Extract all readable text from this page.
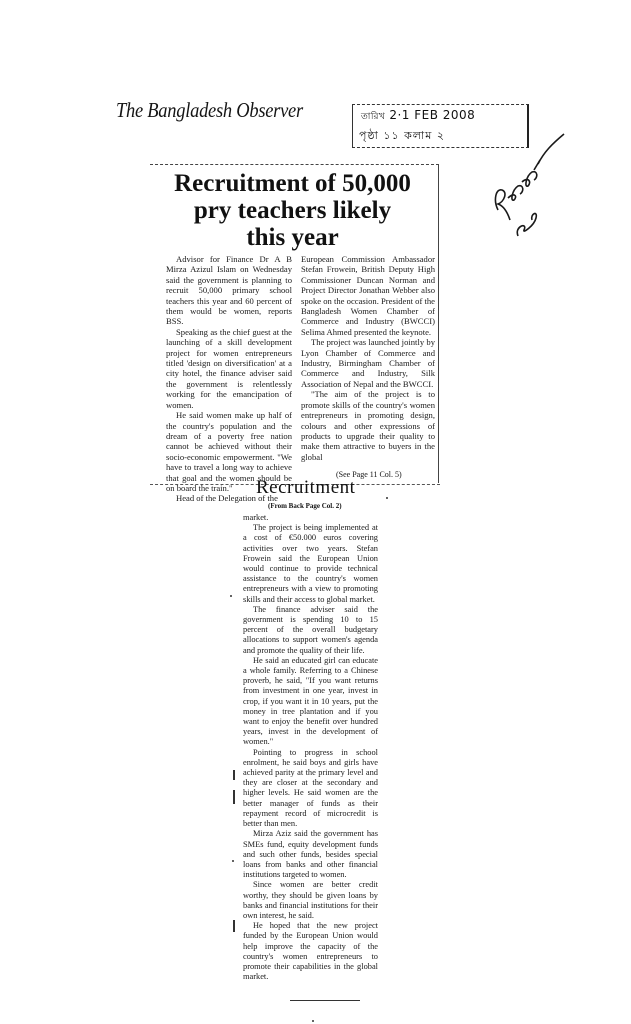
The Bangladesh Observer	তারিখ 2·1 FEB 2008
পৃষ্ঠা ১১ কলাম ২
Recruitment of 50,000
pry teachers likely
this year

Advisor for Finance Dr A B Mirza Azizul Islam on Wednesday said the government is planning to recruit 50,000 primary school teachers this year and 60 percent of them would be women, reports BSS.

Speaking as the chief guest at the launching of a skill development project for women entrepreneurs titled 'design on diversification' at a city hotel, the finance adviser said the government is relentlessly working for the emancipation of women.

He said women make up half of the country's population and the dream of a poverty free nation cannot be achieved without their socio-economic empowerment. "We have to travel a long way to achieve that goal and the women should be on board the train."

Head of the Delegation of the

European Commission Ambassador Stefan Frowein, British Deputy High Commissioner Duncan Norman and Project Director Jonathan Webber also spoke on the occasion. President of the Bangladesh Women Chamber of Commerce and Industry (BWCCI) Selima Ahmed presented the keynote.

The project was launched jointly by Lyon Chamber of Commerce and Industry, Birmingham Chamber of Commerce and Industry, Silk Association of Nepal and the BWCCI.

"The aim of the project is to promote skills of the country's women entrepreneurs in promoting design, colours and other expressions of products to upgrade their quality to make them attractive to buyers in the global

(See Page 11 Col. 5)
Recruitment
(From Back Page Col. 2)

market.

The project is being implemented at a cost of €50.000 euros covering activities over two years. Stefan Frowein said the European Union would continue to provide technical assistance to the country's women entrepreneurs with a view to promoting skills and their access to global market.

The finance adviser said the government is spending 10 to 15 percent of the overall budgetary allocations to support women's agenda and promote the quality of their life.

He said an educated girl can educate a whole family. Referring to a Chinese proverb, he said, "If you want returns from investment in one year, invest in crop, if you want it in 10 years, put the money in tree plantation and if you want to enjoy the benefit over hundred years, invest in the development of women."

Pointing to progress in school enrolment, he said boys and girls have achieved parity at the primary level and they are closer at the secondary and higher levels. He said women are the better manager of funds as their repayment record of microcredit is better than men.

Mirza Aziz said the government has SMEs fund, equity development funds and such other funds, besides special loans from banks and other financial institutions targeted to women.

Since women are better credit worthy, they should be given loans by banks and financial institutions for their own interest, he said.

He hoped that the new project funded by the European Union would help improve the capacity of the country's women entrepreneurs to promote their capabilities in the global market.
